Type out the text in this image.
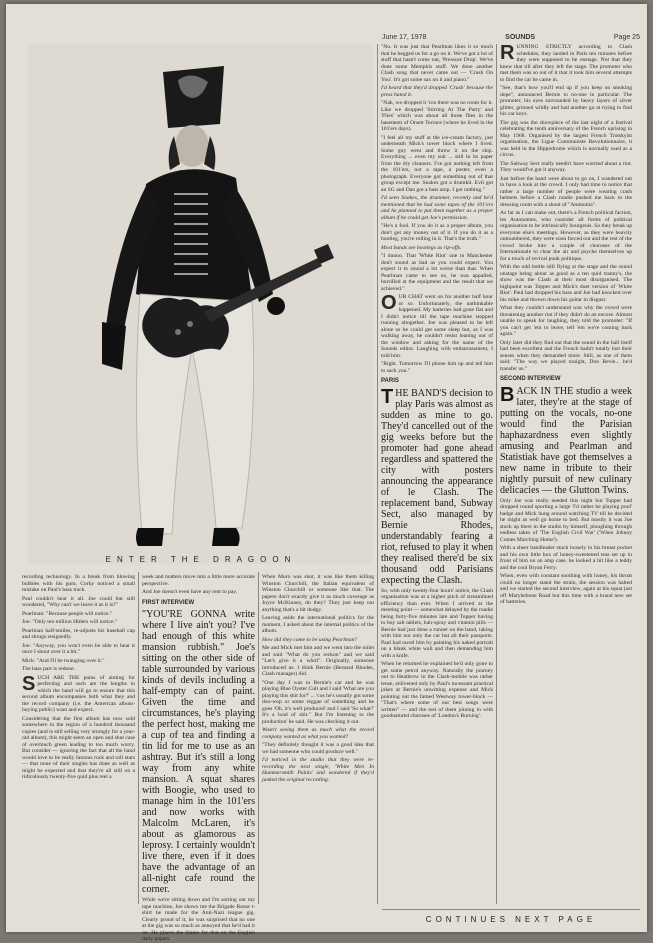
June 17, 1978	SOUNDS	Page 25
ENTER THE DRAGOON

recording technology. In a break from blowing bubbles with his gum, Corky noticed a small mistake on Paul's bass track.

Paul couldn't hear it all. Joe could but still wondered, "Why can't we leave it as it is?"

Pearlman: "Because people will notice."

Joe: "Only ten million Hitlers will notice."

Pearlman half-smiles, re-adjusts his baseball cap and shrugs resignedly.

Joe: "Anyway, you won't even be able to hear it once I shout over it a bit."

Mick: "And I'll be twanging over it."

The bass part is redone.

SUCH ARE THE pains of aiming for perfecting and such are the lengths to which the band will go to ensure that this second album encompasses both what they and the record company (i.e. the American album-buying public) want and expect.

Considering that the first album has now sold somewhere in the region of a hundred thousand copies (and is still selling very strongly for a year-old album), this might seem an open and shut case of overmuch green leading to too much worry. But consider — ignoring the fact that all the band would love to be really famous rock and roll stars — that none of their singles has done as well as might be expected and that they're all still on a ridiculously twenty-five quid plus reel a

week and matters move into a little more accurate perspective.

And Joe doesn't even have any rent to pay.

FIRST INTERVIEW

"YOU'RE GONNA write where I live ain't you? I've had enough of this white mansion rubbish." Joe's sitting on the other side of table surrounded by various kinds of devils including a half-empty can of paint. Given the time and circumstances, he's playing the perfect host, making me a cup of tea and finding a tin lid for me to use as an ashtray. But it's still a long way from any white mansion. A squat shares with Boogie, who used to manage him in the 101'ers and now works with Malcolm McLaren, it's about as glamorous as leprosy. I certainly wouldn't live there, even if it does have the advantage of an all-night cafe round the corner.

While we're sitting down and I'm sorting out my tape machine, Joe shows me the Brigade Rosse t-shirt he made for the Anti-Nazi league gig. Clearly proud of it, he was surprised that no one at the gig was so much as annoyed that he'd had it on. He places the blame for that on the English daily papers.

When Moro was shot, it was like them killing Winston Churchill, the Italian equivalent of Winston Churchill or someone like that. The papers don't exactly give it as much coverage as Joyce McKinney, do they? They just keep out anything that's a bit dodgy.

Leaving aside the international politics for the moment, I asked about the internal politics of the album.

How did they come to be using Pearlman?

Me and Mick met him and we went into the toilet and said "What do you reckon" and we said "Let's give it a whirl". Originally, someone introduced us. I think Bernie (Bernard Rhodes, Clash manager) did.

"One day I was in Bernie's car and he was playing Blue Oyster Cult and I said 'What are you playing this shit for?' ... 'cos he's usually got some doo-wop or some reggae of something and he goes 'Oh, it's well produced' and I said 'So what?' It's a load of shit." But I'm listening to the production' he said. He was checking it out.

Wasn't seeing them as much what the record company wanted as what you wanted?

"They definitely thought it was a good idea that we had someone who could produce well."

I'd noticed in the studio that they were re-recording the next single, 'White Men In Hammersmith Palais' and wondered if they'd junked the original recording.

"No. It was just that Pearlman likes it so much that he begged us for a go on it. We've got a lot of stuff that hasn't come out, 'Pressure Drop'. We've done some Memphis stuff. We done another Clash song that never came out — 'Crush On You'. It's got some sax on it and piano."

I'd heard that they'd dropped 'Crush' because the press hated it.

"Nah, we dropped it 'cos there was no room for it. Like we dropped 'Stirring At The Party' and 'Flies' which was about all those flies in the basement of Orsett Terrace (where he lived in the 101'ers days).

"I feel all my stuff at the ice-cream factory, just underneath Mick's tower block where I lived. Some guy went and threw it on the skip. Everything ... even my suit ... still in its paper from the dry cleaners. I've got nothing left from the 101'ers, not a tape, a poster, even a photograph. Everyone got something out of that group except me. Snakes got a drumkit. Evil got an SG and Dan got a bass amp. I got nothing."

I'd seen Snakes, the drummer, recently and he'd mentioned that he had some tapes of the 101'ers and he planned to put them together as a proper album if he could get Joe's permission.

"He's a fool. If you do it as a proper album, you don't get any money out of it. If you do it as a bootleg, you're rolling in it. That's the truth."

Most bands see bootlegs as rip-offs.

"I dunno. That 'White Riot' one in Manchester don't sound as bad as you could expect. You expect it to sound a lot worse than that. When Pearlman came to see us, he was appalled, horrified at the equipment and the result that we achieved."

OUR CHAT went on for another half hour or so. Unfortunately, the unthinkable happened. My batteries had gone flat and I didn't notice till the tape machine stopped running altogether. Joe was pleased to be left alone so he could get some sleep but, as I was walking away, he couldn't resist leaning out of the window and asking for the name of the Sounds editor. Laughing with embarrassment, I told him.

"Right. Tomorrow I'll phone him up and tell him to sack you."

PARIS

THE BAND'S decision to play Paris was almost as sudden as mine to go. They'd cancelled out of the gig weeks before but the promoter had gone ahead regardless and spattered the city with posters announcing the appearance of le Clash. The replacement band, Subway Sect, also managed by Bernie Rhodes, understandably fearing a riot, refused to play it when they realised there'd be six thousand odd Parisians expecting the Clash.

So, with only twenty-four hours' notice, the Clash organisation was at a higher pitch of streamlined efficiency than ever. When I arrived at the meeting point — somewhat delayed by the roadie being forty-five minutes late and Topper having to buy salt tablets, hair-spray and vitamin pills — Bernie had just done a runner on the band, taking with him not only the car but all their passports. Paul had raced him by painting his naked portrait on a blank white wall and then demanding him with a knife.

When he returned he explained he'd only gone to get some petrol anyway. Naturally the journey out to Heathrow in the Clash-mobile was rather tense, enlivened only by Paul's incessant practical jokes at Bernie's unwitting expense and Mick pointing out the famed Westway tower-block — "That's where some of our best songs were written" — and the rest of them joining in with goodnatured choruses of 'London's Burning'.

RUNNING STRICTLY according to Clash schedules, they landed in Paris ten minutes before they were supposed to be onstage. Not that they knew that till after they left the stage. The promoter who met them was so out of it that it took him several attempts to find the car he came in.

"See, that's how you'll end up if you keep on smoking dope", announced Bernie to no-one in particular. The promoter, his eyes surrounded by heavy layers of silver glitter, grinned wildly and had another go at trying to find his car keys.

The gig was the showpiece of the last night of a festival celebrating the tenth anniversary of the French uprising in May 1968. Organised by the largest French Trotskyist organisation, the Ligue Communiste Revolutionnaire, it was held in the Hippodrome which is normally used as a circus.

The Subway Sect really needn't have worried about a riot. They would've got it anyway.

Just before the band were about to go on, I wandered out to have a look at the crowd. I only had time to notice that rather a large number of people were wearing crash helmets before a Clash roadie pushed me back to the dressing room with a shout of "Ammonia".

As far as I can make out, there's a French political faction, les Autonomes, who consider all forms of political organisation to be intrinsically bourgeois. So they break up everyone else's meetings. However, as they were heavily outnumbered, they were soon forced out and the rest of the crowd broke into a couple of choruses of the Internationale to clear the air and psyche themselves up for a touch of revival punk politique.

With the odd bottle still flying at the stage and the sound onstage being about as good as a ten quid tranny's, the show was the Clash at their most disorganised. The highpoint was Topper and Mick's duet version of 'White Riot'. Paul had dropped his bass and Joe had knocked over his mike and thrown down his guitar in disgust.

What they couldn't understand was why the crowd were threatening another riot if they didn't do an encore. Almost unable to speak for laughing, they told the promoter: "If you can't get 'em to leave, tell 'em we're coming back again."

Only later did they find out that the sound in the hall itself had been excellent and the French hadn't totally lost their senses when they demanded more. Still, as one of them said: "The way we played tonight, Don Revie... he'd transfer us."

SECOND INTERVIEW

BACK IN THE studio a week later, they're at the stage of putting on the vocals, no-one would find the Parisian haphazardness even slightly amusing and Pearlman and Statistiak have got themselves a new name in tribute to their nightly pursuit of new culinary delicacies — the Glutton Twins.

Only Joe was really needed this night but Topper had dropped round sporting a large 'I'd rather be playing pool' badge and Mick hung around watching TV till he decided he might as well go home to bed. But mostly it was Joe stuck up there in the studio by himself, ploughing through endless takes of 'The English Civil War' ('When Johnny Comes Marching Home').

With a sheer bandleader stuck loosely in his breast pocket and his own little box of honey-sweetened teas set up in front of him on an amp case, he looked a bit like a teddy and the cool Bryan Ferry.

When, even with constant soothing with honey, his throat could no longer stand the strain, the session was halted and we started the second interview, again at his squat just off Maryhebone Road but this time with a brand new set of batteries.

CONTINUES NEXT PAGE
